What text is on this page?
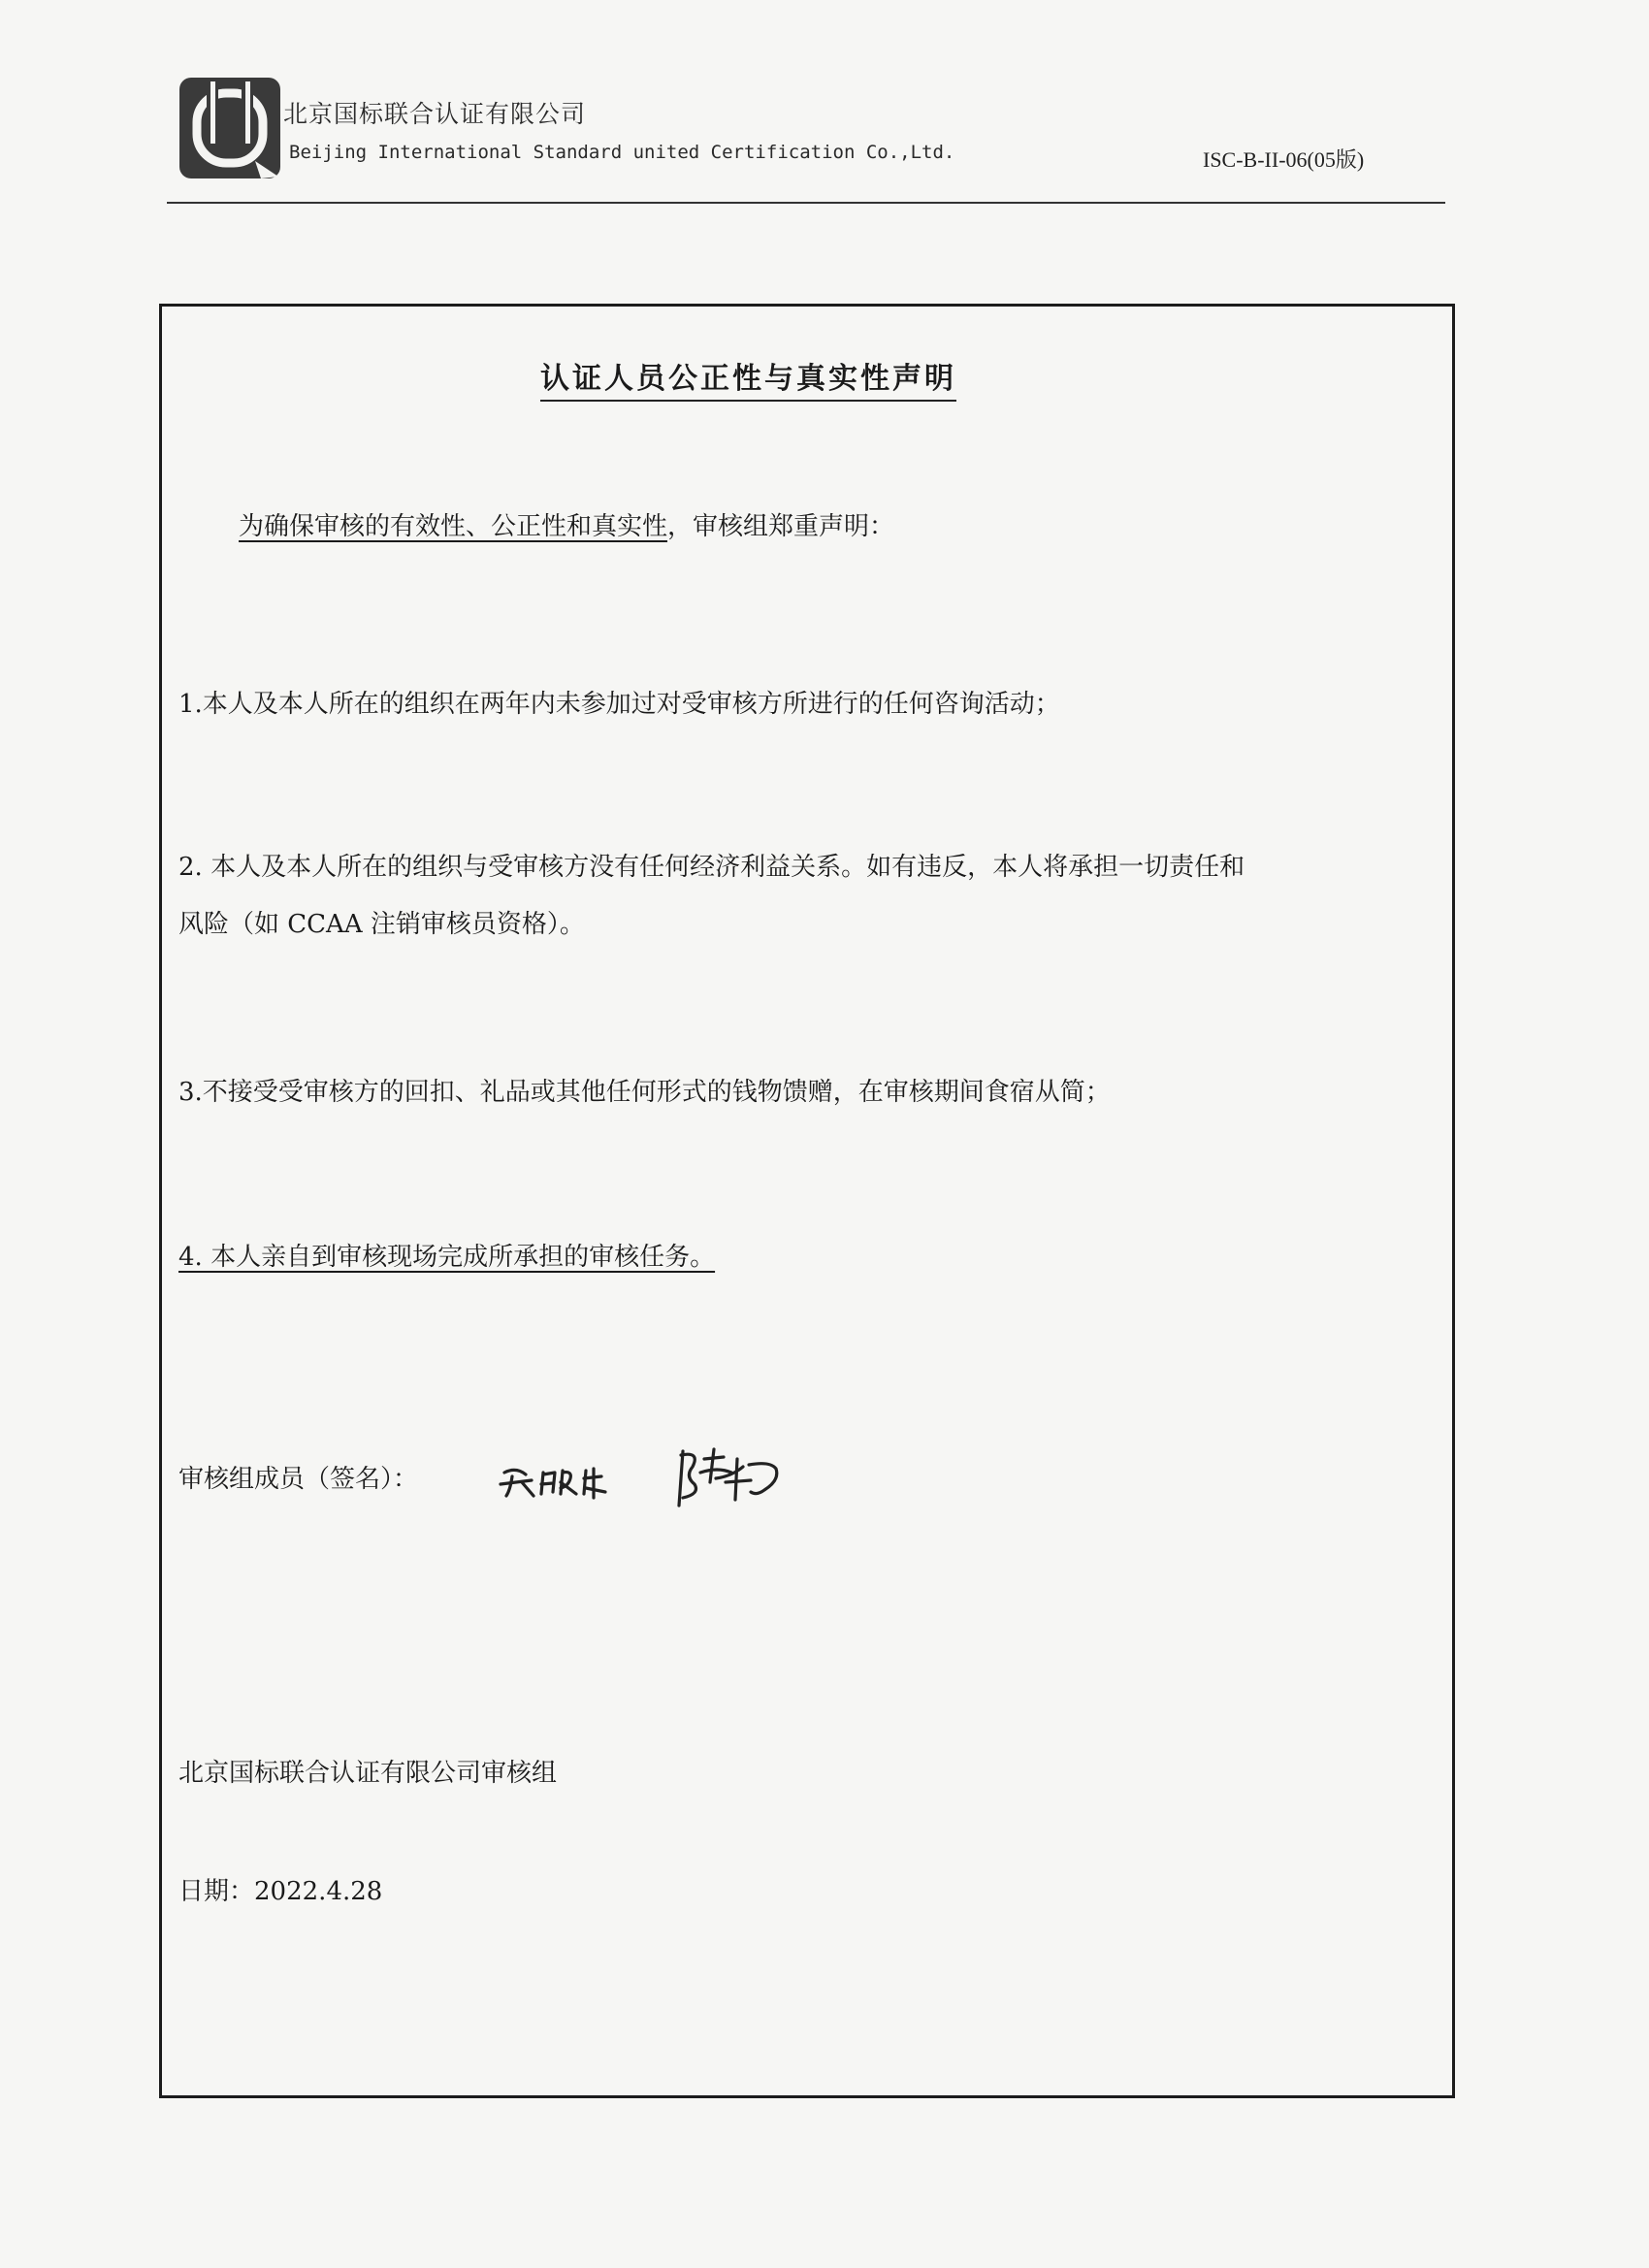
北京国标联合认证有限公司
Beijing International Standard united Certification Co.,Ltd.	ISC-B-II-06(05版)
认证人员公正性与真实性声明
为确保审核的有效性、公正性和真实性，审核组郑重声明：
1.本人及本人所在的组织在两年内未参加过对受审核方所进行的任何咨询活动；
2. 本人及本人所在的组织与受审核方没有任何经济利益关系。如有违反，本人将承担一切责任和
风险（如 CCAA 注销审核员资格）。
3.不接受受审核方的回扣、礼品或其他任何形式的钱物馈赠，在审核期间食宿从简；
4. 本人亲自到审核现场完成所承担的审核任务。
审核组成员（签名）：
北京国标联合认证有限公司审核组
日期：2022.4.28
